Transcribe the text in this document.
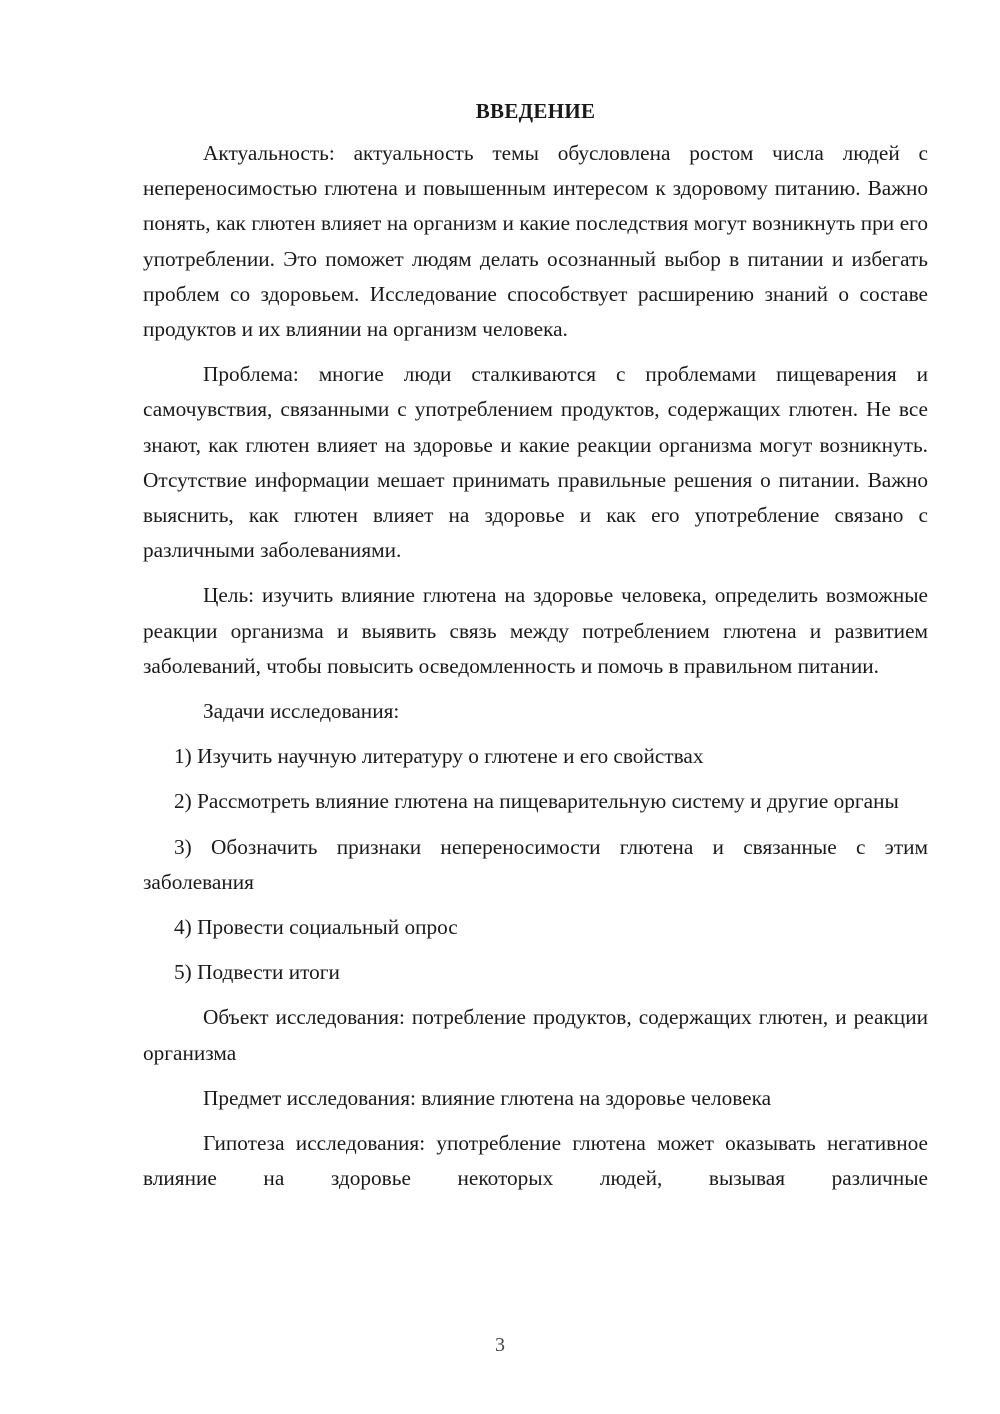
ВВЕДЕНИЕ

Актуальность: актуальность темы обусловлена ростом числа людей с непереносимостью глютена и повышенным интересом к здоровому питанию. Важно понять, как глютен влияет на организм и какие последствия могут возникнуть при его употреблении. Это поможет людям делать осознанный выбор в питании и избегать проблем со здоровьем. Исследование способствует расширению знаний о составе продуктов и их влиянии на организм человека.

Проблема: многие люди сталкиваются с проблемами пищеварения и самочувствия, связанными с употреблением продуктов, содержащих глютен. Не все знают, как глютен влияет на здоровье и какие реакции организма могут возникнуть. Отсутствие информации мешает принимать правильные решения о питании. Важно выяснить, как глютен влияет на здоровье и как его употребление связано с различными заболеваниями.

Цель: изучить влияние глютена на здоровье человека, определить возможные реакции организма и выявить связь между потреблением глютена и развитием заболеваний, чтобы повысить осведомленность и помочь в правильном питании.

Задачи исследования:

1) Изучить научную литературу о глютене и его свойствах

2) Рассмотреть влияние глютена на пищеварительную систему и другие органы

3) Обозначить признаки непереносимости глютена и связанные с этим заболевания

4) Провести социальный опрос

5) Подвести итоги

Объект исследования: потребление продуктов, содержащих глютен, и реакции организма

Предмет исследования: влияние глютена на здоровье человека

Гипотеза исследования: употребление глютена может оказывать негативное влияние на здоровье некоторых людей, вызывая различные

3
